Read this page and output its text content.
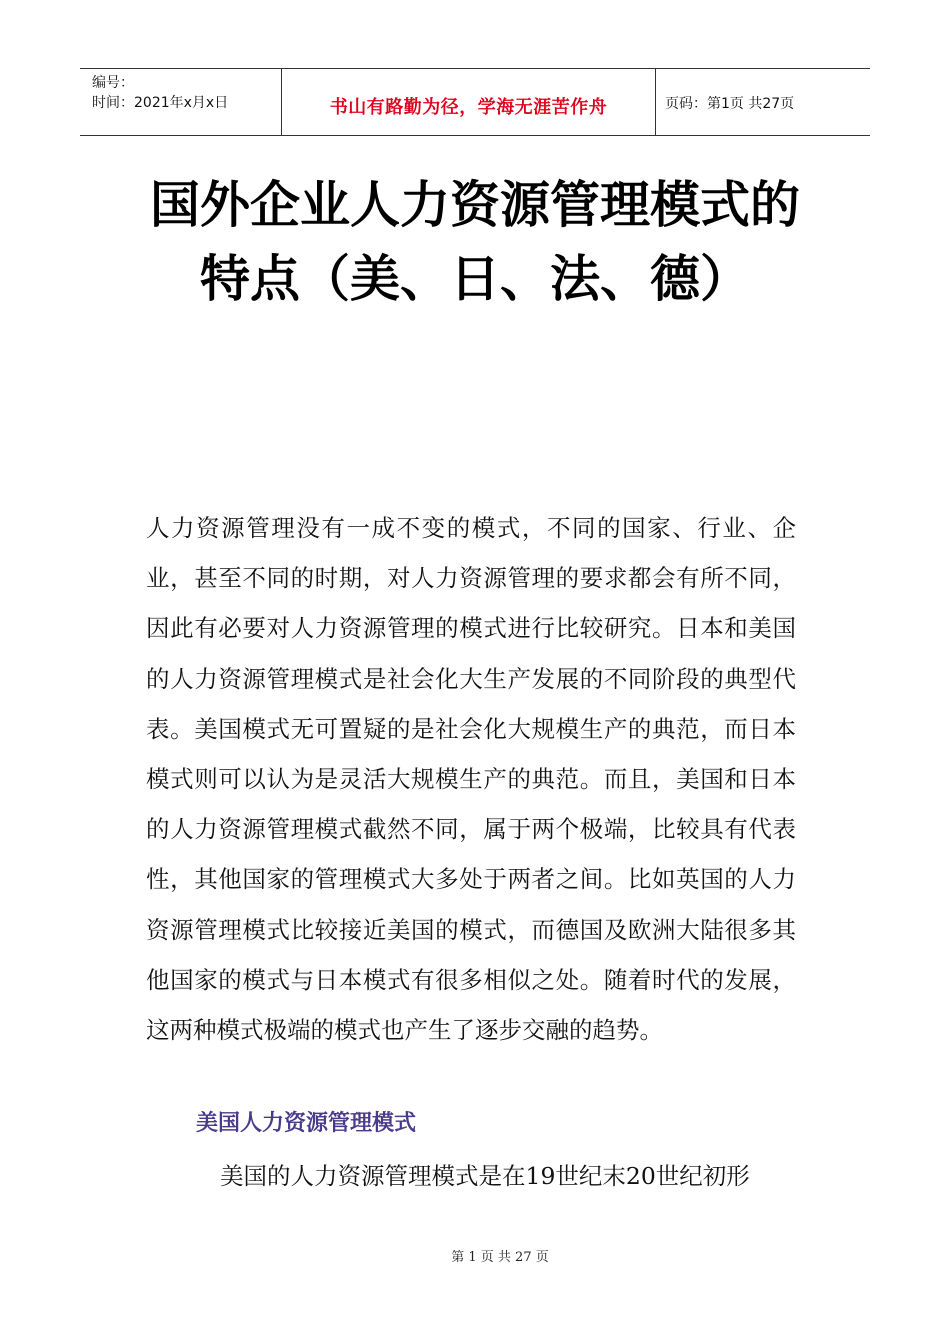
编号：
时间：2021年x月x日	书山有路勤为径，学海无涯苦作舟	页码：第1页 共27页
国外企业人力资源管理模式的特点（美、日、法、德）

人力资源管理没有一成不变的模式，不同的国家、行业、企业，甚至不同的时期，对人力资源管理的要求都会有所不同，因此有必要对人力资源管理的模式进行比较研究。日本和美国的人力资源管理模式是社会化大生产发展的不同阶段的典型代表。美国模式无可置疑的是社会化大规模生产的典范，而日本模式则可以认为是灵活大规模生产的典范。而且，美国和日本的人力资源管理模式截然不同，属于两个极端，比较具有代表性，其他国家的管理模式大多处于两者之间。比如英国的人力资源管理模式比较接近美国的模式，而德国及欧洲大陆很多其他国家的模式与日本模式有很多相似之处。随着时代的发展，这两种模式极端的模式也产生了逐步交融的趋势。

美国人力资源管理模式

美国的人力资源管理模式是在19世纪末20世纪初形

第 1 页 共 27 页
